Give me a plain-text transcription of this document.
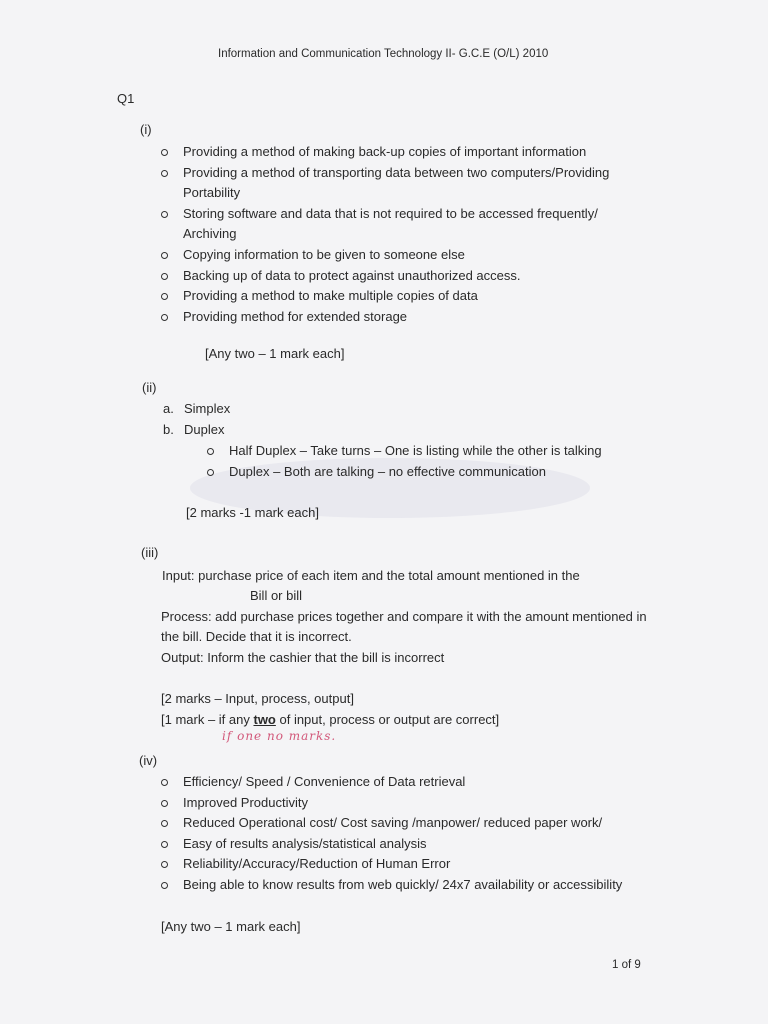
Information and Communication Technology II- G.C.E (O/L) 2010
Q1
(i)
Providing a method of making back-up copies of important information
Providing a method of transporting data between two computers/Providing
Portability
Storing software and data that is not required to be accessed frequently/
Archiving
Copying information to be given to someone else
Backing up of data to protect against unauthorized access.
Providing a method to make multiple copies of data
Providing method for extended storage
[Any two – 1 mark each]
(ii)
a. Simplex
b. Duplex
Half Duplex – Take turns – One is listing while the other is talking
Duplex – Both are talking – no effective communication
[2 marks -1 mark each]
(iii)
Input: purchase price of each item and the total amount mentioned in the
Bill or bill
Process: add purchase prices together and compare it with the amount mentioned in
the bill. Decide that it is incorrect.
Output: Inform the cashier that the bill is incorrect
[2 marks – Input, process, output]
[1 mark – if any two of input, process or output are correct]
if one no marks.
(iv)
Efficiency/ Speed / Convenience of Data retrieval
Improved Productivity
Reduced Operational cost/ Cost saving /manpower/ reduced paper work/
Easy of results analysis/statistical analysis
Reliability/Accuracy/Reduction of Human Error
Being able to know results from web quickly/ 24x7 availability or accessibility
[Any two – 1 mark each]
1 of 9
